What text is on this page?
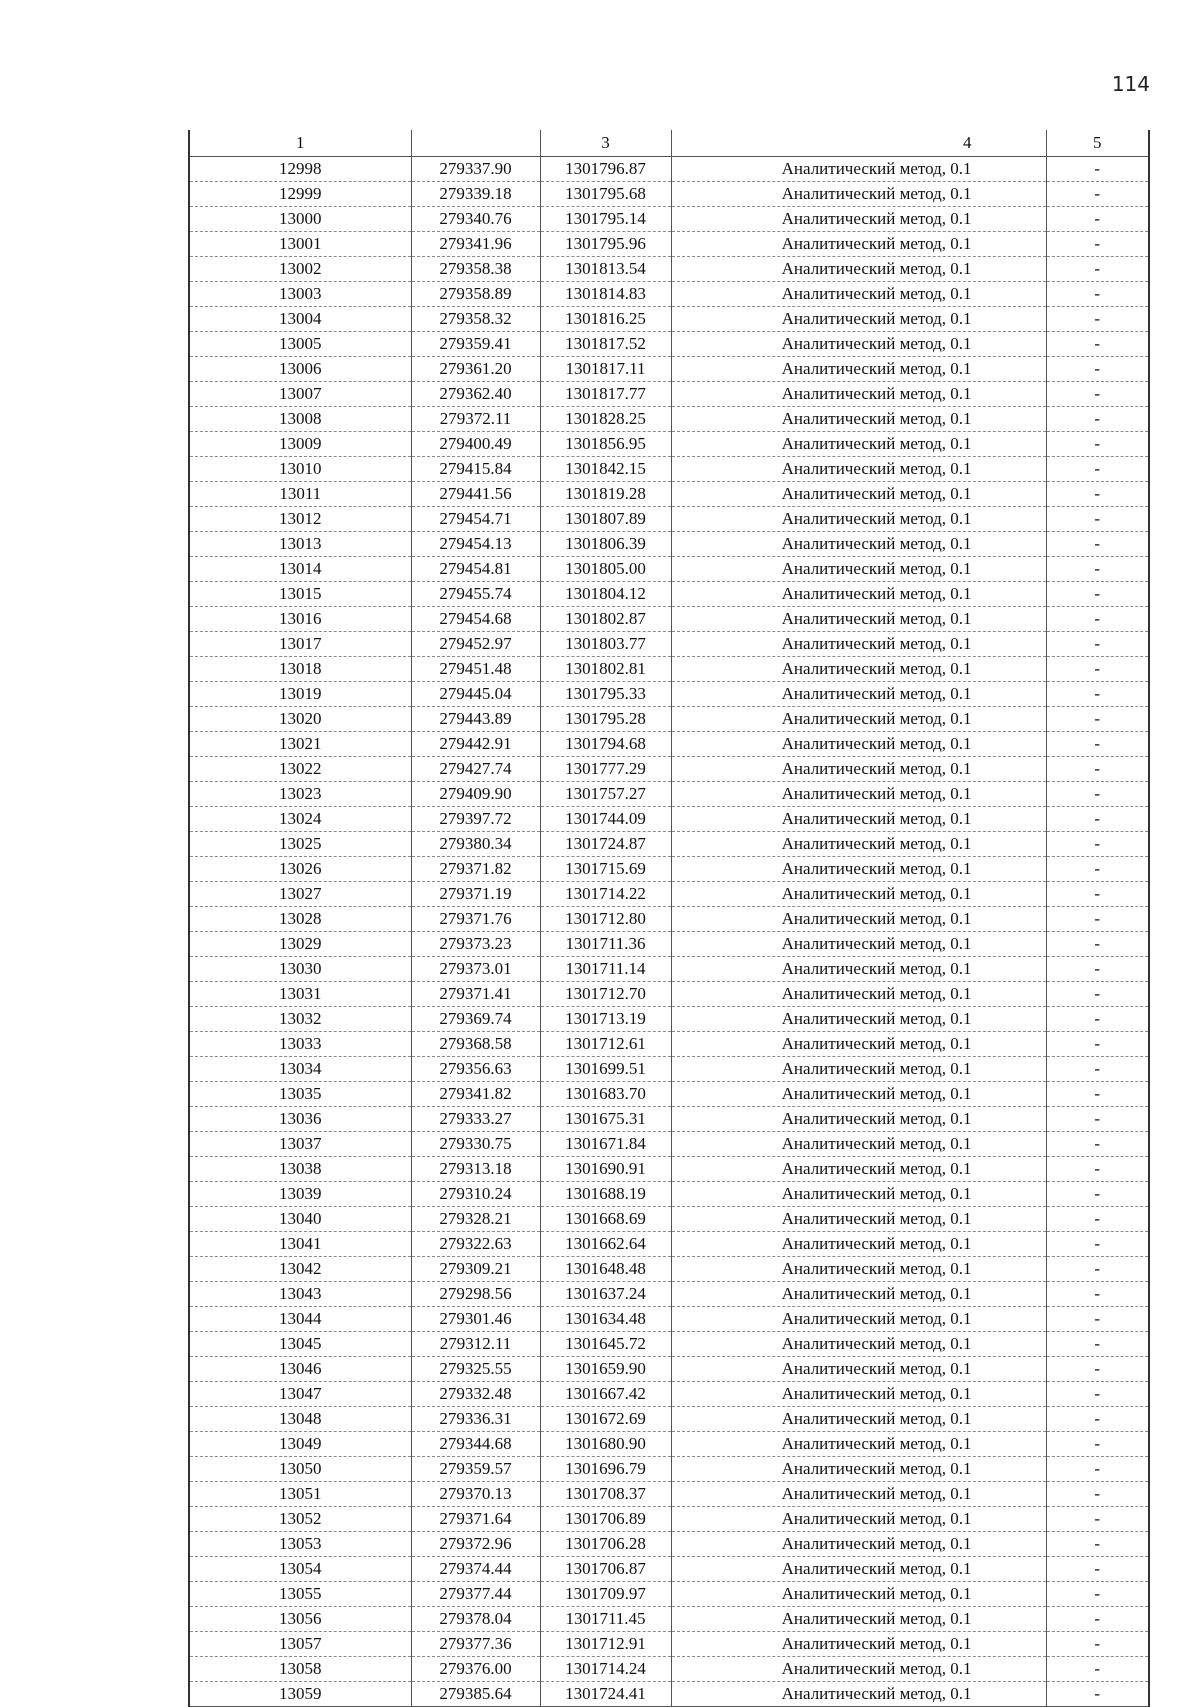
114
1		3	4	5
12998	279337.90	1301796.87	Аналитический метод, 0.1	-
12999	279339.18	1301795.68	Аналитический метод, 0.1	-
13000	279340.76	1301795.14	Аналитический метод, 0.1	-
13001	279341.96	1301795.96	Аналитический метод, 0.1	-
13002	279358.38	1301813.54	Аналитический метод, 0.1	-
13003	279358.89	1301814.83	Аналитический метод, 0.1	-
13004	279358.32	1301816.25	Аналитический метод, 0.1	-
13005	279359.41	1301817.52	Аналитический метод, 0.1	-
13006	279361.20	1301817.11	Аналитический метод, 0.1	-
13007	279362.40	1301817.77	Аналитический метод, 0.1	-
13008	279372.11	1301828.25	Аналитический метод, 0.1	-
13009	279400.49	1301856.95	Аналитический метод, 0.1	-
13010	279415.84	1301842.15	Аналитический метод, 0.1	-
13011	279441.56	1301819.28	Аналитический метод, 0.1	-
13012	279454.71	1301807.89	Аналитический метод, 0.1	-
13013	279454.13	1301806.39	Аналитический метод, 0.1	-
13014	279454.81	1301805.00	Аналитический метод, 0.1	-
13015	279455.74	1301804.12	Аналитический метод, 0.1	-
13016	279454.68	1301802.87	Аналитический метод, 0.1	-
13017	279452.97	1301803.77	Аналитический метод, 0.1	-
13018	279451.48	1301802.81	Аналитический метод, 0.1	-
13019	279445.04	1301795.33	Аналитический метод, 0.1	-
13020	279443.89	1301795.28	Аналитический метод, 0.1	-
13021	279442.91	1301794.68	Аналитический метод, 0.1	-
13022	279427.74	1301777.29	Аналитический метод, 0.1	-
13023	279409.90	1301757.27	Аналитический метод, 0.1	-
13024	279397.72	1301744.09	Аналитический метод, 0.1	-
13025	279380.34	1301724.87	Аналитический метод, 0.1	-
13026	279371.82	1301715.69	Аналитический метод, 0.1	-
13027	279371.19	1301714.22	Аналитический метод, 0.1	-
13028	279371.76	1301712.80	Аналитический метод, 0.1	-
13029	279373.23	1301711.36	Аналитический метод, 0.1	-
13030	279373.01	1301711.14	Аналитический метод, 0.1	-
13031	279371.41	1301712.70	Аналитический метод, 0.1	-
13032	279369.74	1301713.19	Аналитический метод, 0.1	-
13033	279368.58	1301712.61	Аналитический метод, 0.1	-
13034	279356.63	1301699.51	Аналитический метод, 0.1	-
13035	279341.82	1301683.70	Аналитический метод, 0.1	-
13036	279333.27	1301675.31	Аналитический метод, 0.1	-
13037	279330.75	1301671.84	Аналитический метод, 0.1	-
13038	279313.18	1301690.91	Аналитический метод, 0.1	-
13039	279310.24	1301688.19	Аналитический метод, 0.1	-
13040	279328.21	1301668.69	Аналитический метод, 0.1	-
13041	279322.63	1301662.64	Аналитический метод, 0.1	-
13042	279309.21	1301648.48	Аналитический метод, 0.1	-
13043	279298.56	1301637.24	Аналитический метод, 0.1	-
13044	279301.46	1301634.48	Аналитический метод, 0.1	-
13045	279312.11	1301645.72	Аналитический метод, 0.1	-
13046	279325.55	1301659.90	Аналитический метод, 0.1	-
13047	279332.48	1301667.42	Аналитический метод, 0.1	-
13048	279336.31	1301672.69	Аналитический метод, 0.1	-
13049	279344.68	1301680.90	Аналитический метод, 0.1	-
13050	279359.57	1301696.79	Аналитический метод, 0.1	-
13051	279370.13	1301708.37	Аналитический метод, 0.1	-
13052	279371.64	1301706.89	Аналитический метод, 0.1	-
13053	279372.96	1301706.28	Аналитический метод, 0.1	-
13054	279374.44	1301706.87	Аналитический метод, 0.1	-
13055	279377.44	1301709.97	Аналитический метод, 0.1	-
13056	279378.04	1301711.45	Аналитический метод, 0.1	-
13057	279377.36	1301712.91	Аналитический метод, 0.1	-
13058	279376.00	1301714.24	Аналитический метод, 0.1	-
13059	279385.64	1301724.41	Аналитический метод, 0.1	-
